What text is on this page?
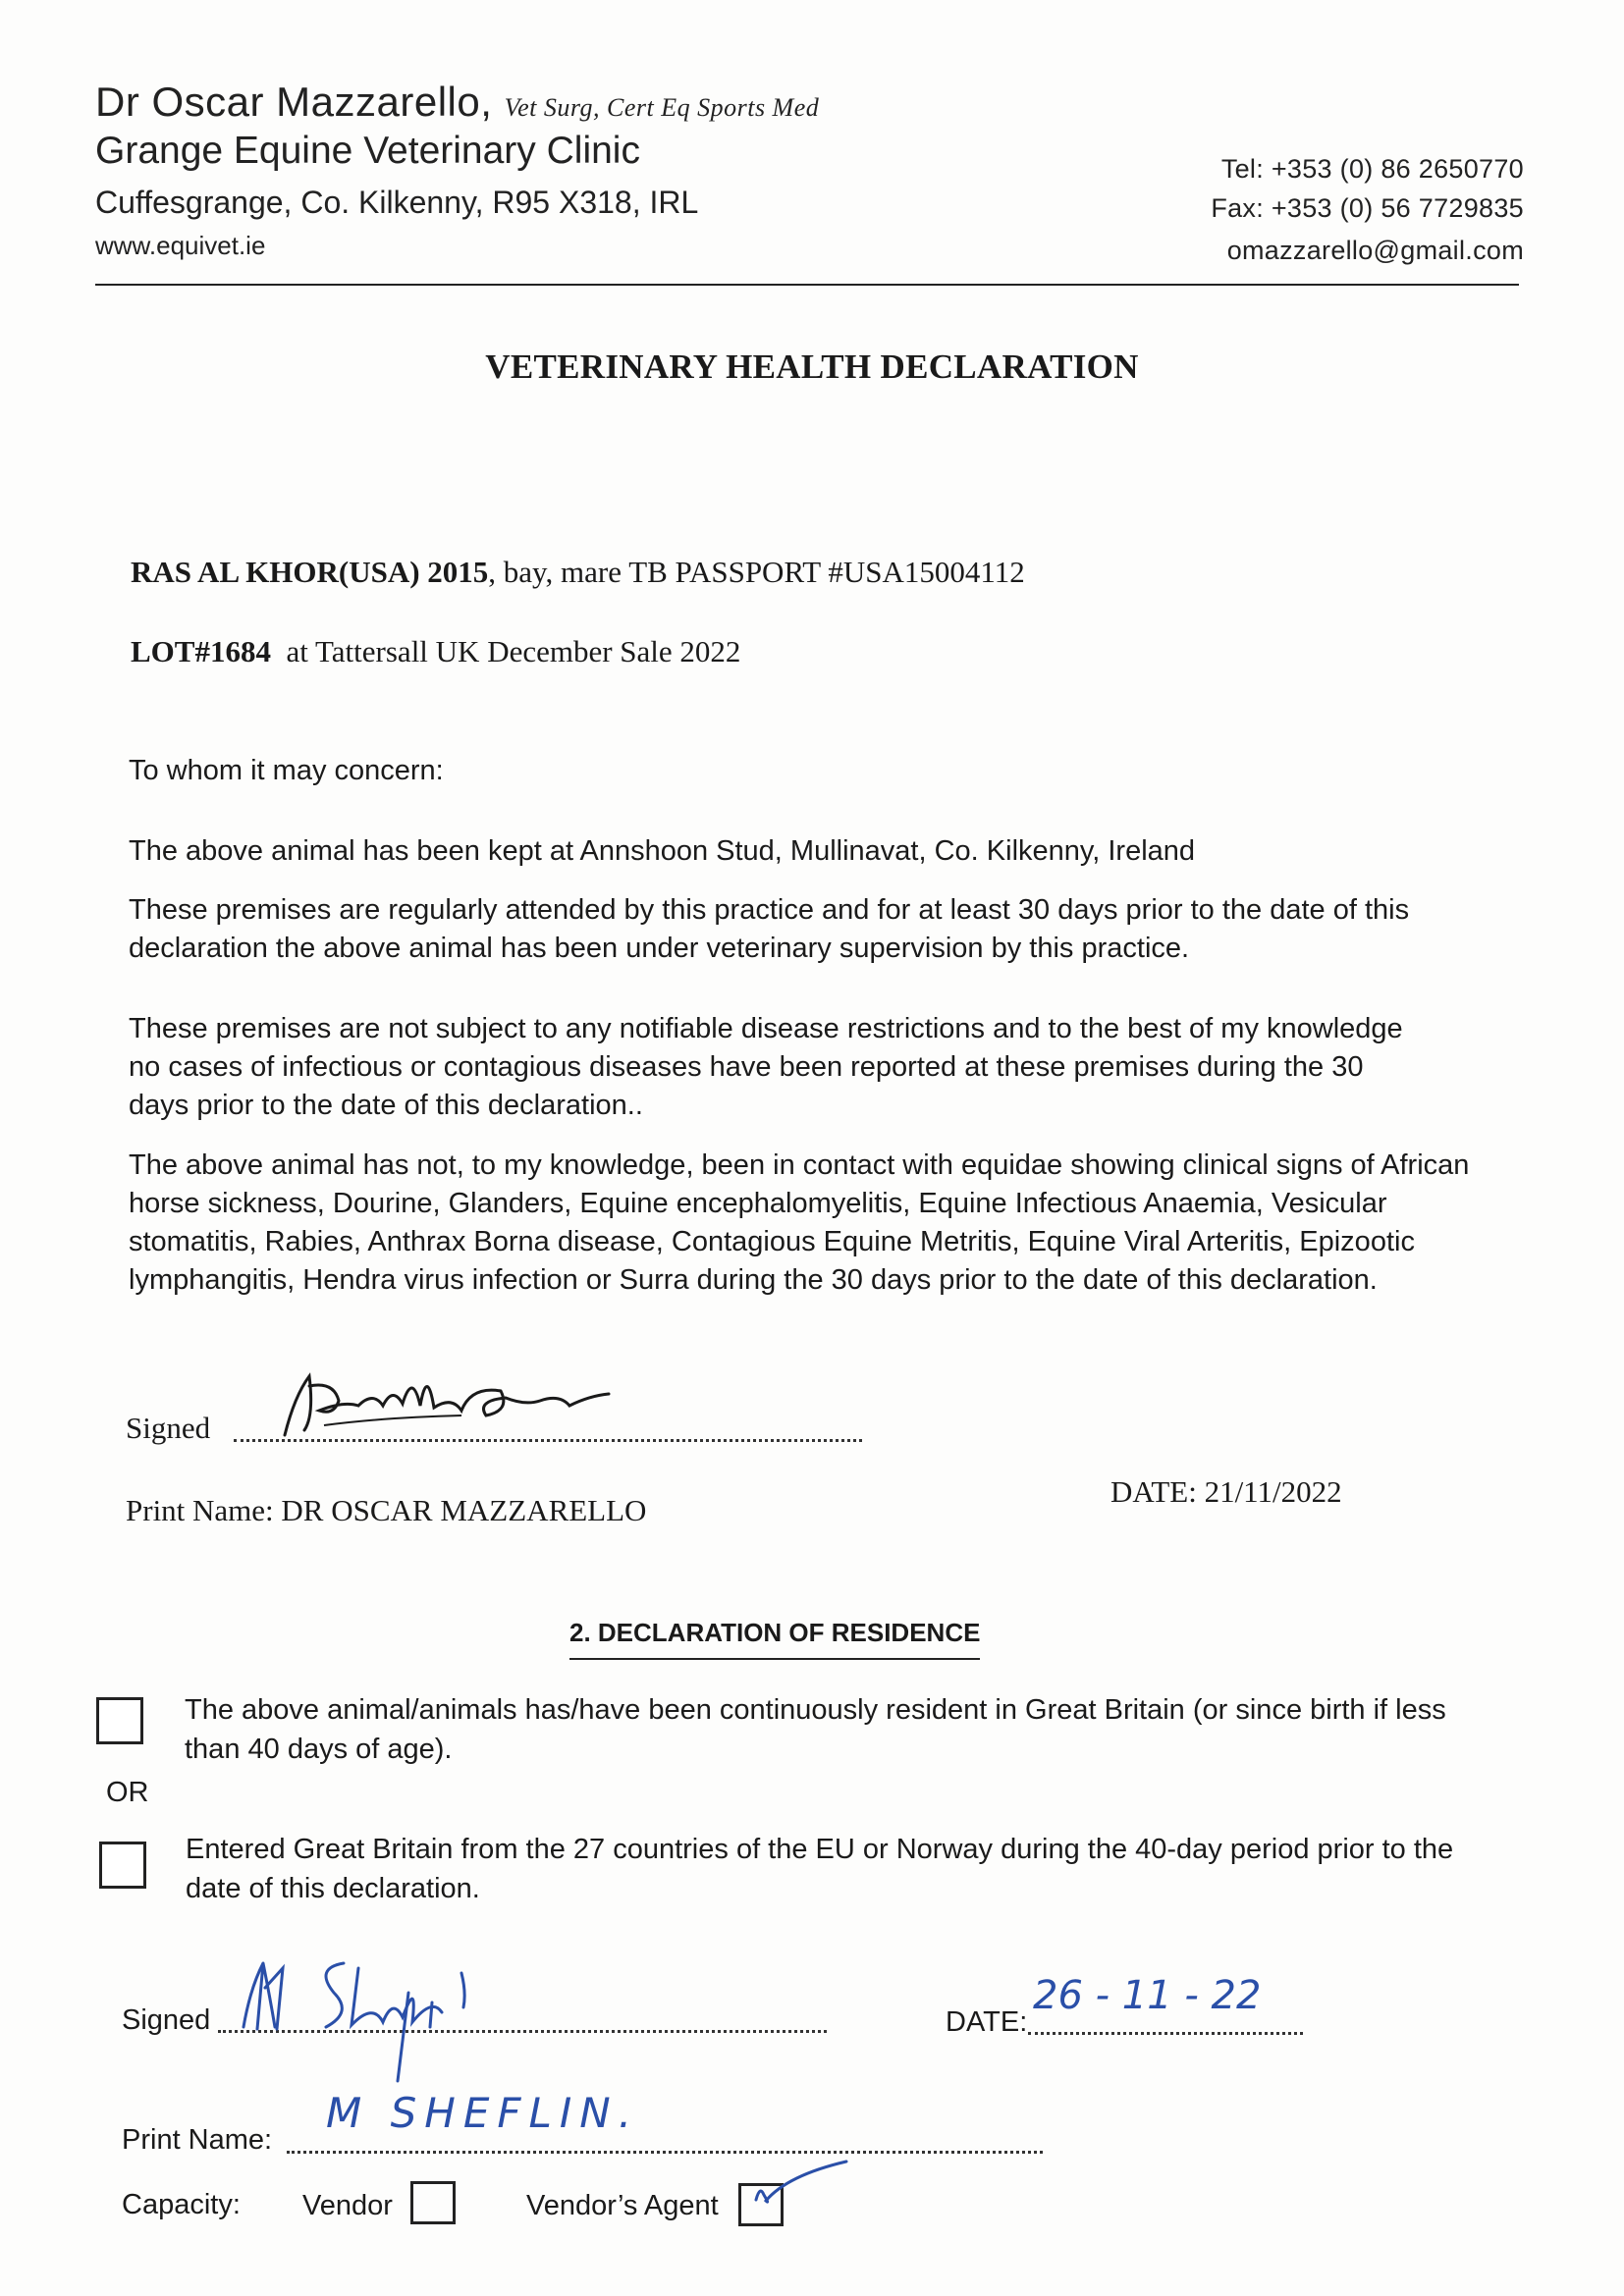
Dr Oscar Mazzarello, Vet Surg, Cert Eq Sports Med
Grange Equine Veterinary Clinic
Cuffesgrange, Co. Kilkenny, R95 X318, IRL
www.equivet.ie
Tel: +353 (0) 86 2650770
Fax: +353 (0) 56 7729835
omazzarello@gmail.com
VETERINARY HEALTH DECLARATION
RAS AL KHOR(USA) 2015, bay, mare TB PASSPORT #USA15004112
LOT#1684 at Tattersall UK December Sale 2022
To whom it may concern:
The above animal has been kept at Annshoon Stud, Mullinavat, Co. Kilkenny, Ireland
These premises are regularly attended by this practice and for at least 30 days prior to the date of this declaration the above animal has been under veterinary supervision by this practice.
These premises are not subject to any notifiable disease restrictions and to the best of my knowledge no cases of infectious or contagious diseases have been reported at these premises during the 30 days prior to the date of this declaration..
The above animal has not, to my knowledge, been in contact with equidae showing clinical signs of African horse sickness, Dourine, Glanders, Equine encephalomyelitis, Equine Infectious Anaemia, Vesicular stomatitis, Rabies, Anthrax Borna disease, Contagious Equine Metritis, Equine Viral Arteritis, Epizootic lymphangitis, Hendra virus infection or Surra during the 30 days prior to the date of this declaration.
Signed
Print Name: DR OSCAR MAZZARELLO
DATE: 21/11/2022
2. DECLARATION OF RESIDENCE
The above animal/animals has/have been continuously resident in Great Britain (or since birth if less than 40 days of age).
OR
Entered Great Britain from the 27 countries of the EU or Norway during the 40-day period prior to the date of this declaration.
Signed	DATE:
26 - 11 - 22
Print Name:
M SHEFLIN.
Capacity: Vendor	Vendor’s Agent
